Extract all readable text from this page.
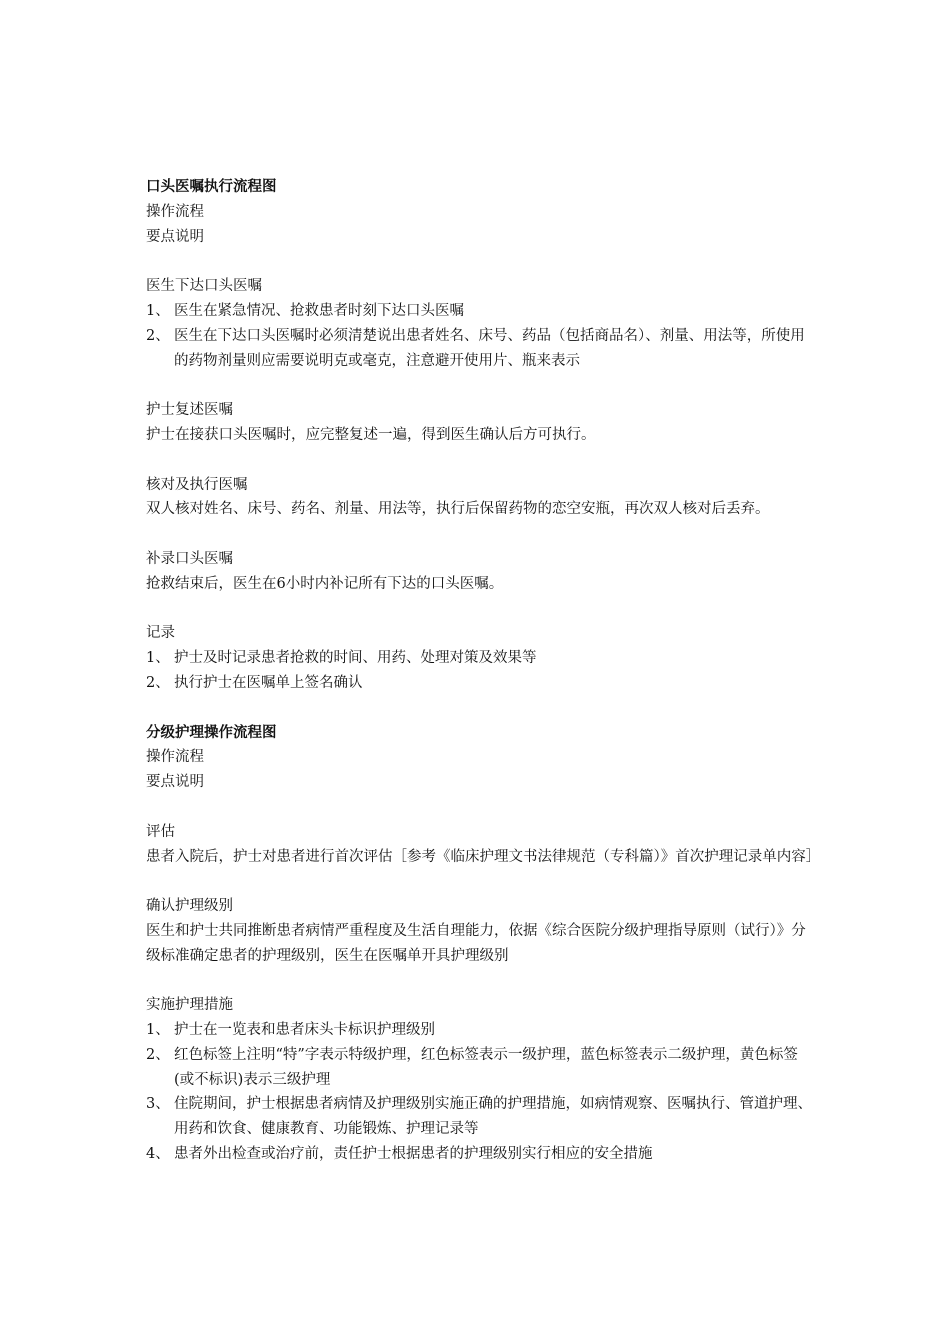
口头医嘱执行流程图
操作流程
要点说明
医生下达口头医嘱
1、 医生在紧急情况、抢救患者时刻下达口头医嘱
2、 医生在下达口头医嘱时必须清楚说出患者姓名、床号、药品（包括商品名）、剂量、用法等，所使用的药物剂量则应需要说明克或毫克，注意避开使用片、瓶来表示
护士复述医嘱
护士在接获口头医嘱时，应完整复述一遍，得到医生确认后方可执行。
核对及执行医嘱
双人核对姓名、床号、药名、剂量、用法等，执行后保留药物的恋空安瓶，再次双人核对后丢弃。
补录口头医嘱
抢救结束后，医生在6小时内补记所有下达的口头医嘱。
记录
1、 护士及时记录患者抢救的时间、用药、处理对策及效果等
2、 执行护士在医嘱单上签名确认
分级护理操作流程图
操作流程
要点说明
评估
患者入院后，护士对患者进行首次评估［参考《临床护理文书法律规范（专科篇）》首次护理记录单内容］
确认护理级别
医生和护士共同推断患者病情严重程度及生活自理能力，依据《综合医院分级护理指导原则（试行）》分级标准确定患者的护理级别，医生在医嘱单开具护理级别
实施护理措施
1、 护士在一览表和患者床头卡标识护理级别
2、 红色标签上注明“特”字表示特级护理，红色标签表示一级护理，蓝色标签表示二级护理，黄色标签(或不标识)表示三级护理
3、 住院期间，护士根据患者病情及护理级别实施正确的护理措施，如病情观察、医嘱执行、管道护理、用药和饮食、健康教育、功能锻炼、护理记录等
4、 患者外出检查或治疗前，责任护士根据患者的护理级别实行相应的安全措施
